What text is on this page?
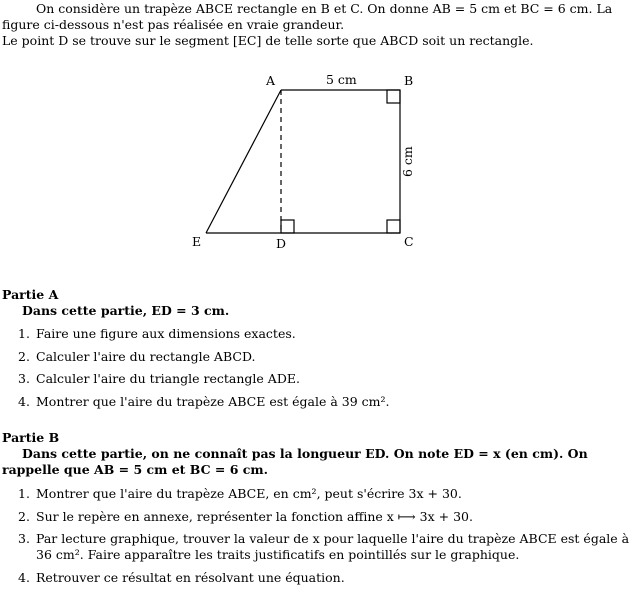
On considère un trapèze ABCE rectangle en B et C. On donne AB = 5 cm et BC = 6 cm. La figure ci-dessous n'est pas réalisée en vraie grandeur.

Le point D se trouve sur le segment [EC] de telle sorte que ABCD soit un rectangle.

A	B
C
D
E
5 cm
6 cm
Partie A
Dans cette partie, ED = 3 cm.
1. Faire une figure aux dimensions exactes.
2. Calculer l'aire du rectangle ABCD.
3. Calculer l'aire du triangle rectangle ADE.
4. Montrer que l'aire du trapèze ABCE est égale à 39 cm².
Partie B
Dans cette partie, on ne connaît pas la longueur ED. On note ED = x (en cm). On rappelle que AB = 5 cm et BC = 6 cm.
1. Montrer que l'aire du trapèze ABCE, en cm², peut s'écrire 3x + 30.
2. Sur le repère en annexe, représenter la fonction affine x ⟼ 3x + 30.
3. Par lecture graphique, trouver la valeur de x pour laquelle l'aire du trapèze ABCE est égale à 36 cm². Faire apparaître les traits justificatifs en pointillés sur le graphique.
4. Retrouver ce résultat en résolvant une équation.
